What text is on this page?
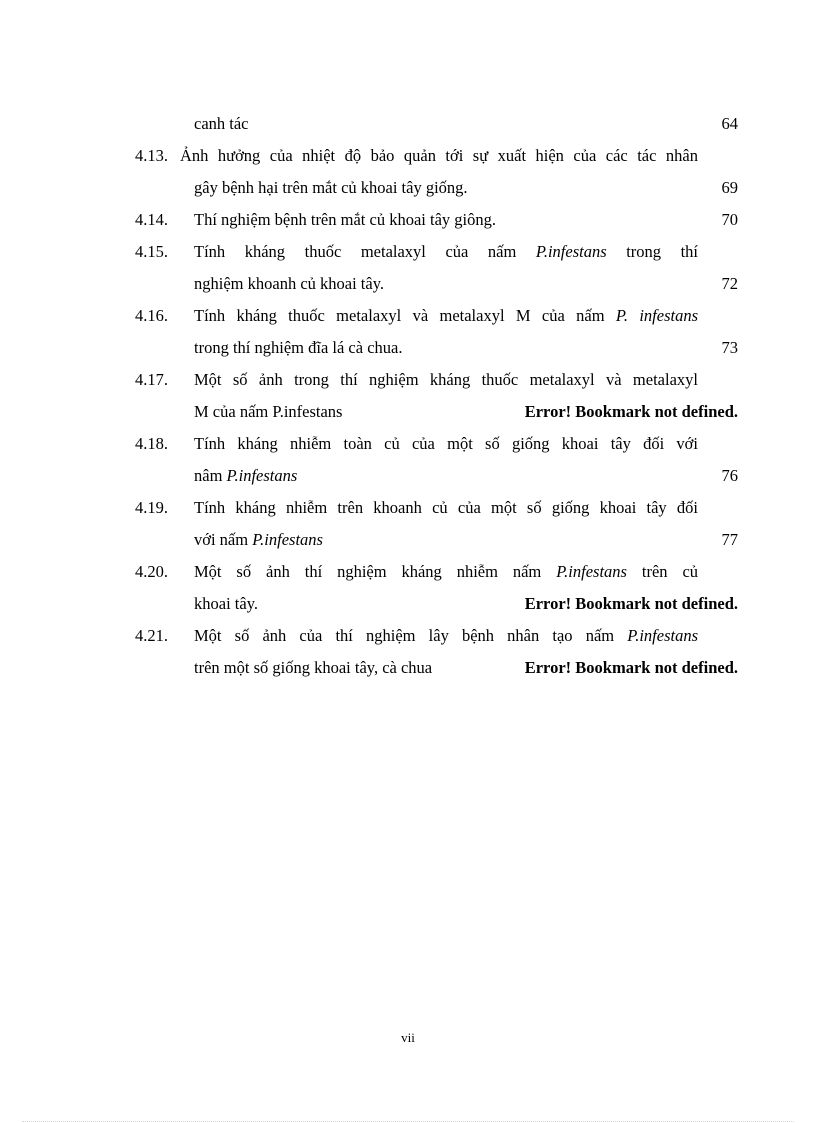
canh tác	64
4.13. Ảnh hưởng của nhiệt độ bảo quản tới sự xuất hiện của các tác nhân
gây bệnh hại trên mắt củ khoai tây giống.	69
4.14. Thí nghiệm bệnh trên mắt củ khoai tây giông.	70
4.15. Tính kháng thuốc metalaxyl của nấm P.infestans trong thí
nghiệm khoanh củ khoai tây.	72
4.16. Tính kháng thuốc metalaxyl và metalaxyl M của nấm P. infestans
trong thí nghiệm đĩa lá cà chua.	73
4.17. Một số ảnh trong thí nghiệm kháng thuốc metalaxyl và metalaxyl
M của nấm P.infestans	Error! Bookmark not defined.
4.18. Tính kháng nhiễm toàn củ của một số giống khoai tây đối với
nâm P.infestans	76
4.19. Tính kháng nhiễm trên khoanh củ của một số giống khoai tây đối
với nấm P.infestans	77
4.20. Một số ảnh thí nghiệm kháng nhiễm nấm P.infestans trên củ
khoai tây.	Error! Bookmark not defined.
4.21. Một số ảnh của thí nghiệm lây bệnh nhân tạo nấm P.infestans
trên một số giống khoai tây, cà chua	Error! Bookmark not defined.
vii
